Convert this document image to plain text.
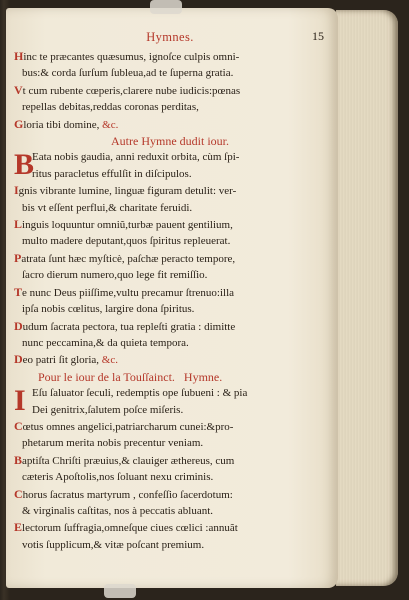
Hymnes.	15
Hinc te præcantes quæsumus, ignoſce culpis omni-
bus:& corda ſurſum ſubleua,ad te ſuperna gratia.
Vt cum rubente cœperis,clarere nube iudicis:pœnas
repellas debitas,reddas coronas perditas,
Gloria tibi domine, &c.
Autre Hymne dudit iour.
B
Eata nobis gaudia, anni reduxit orbita, cùm ſpi-
ritus paracletus effulſit in diſcipulos.
Ignis vibrante lumine, linguæ figuram detulit: ver-
bis vt eſſent perflui,& charitate feruidi.
Linguis loquuntur omniũ,turbæ pauent gentilium,
multo madere deputant,quos ſpiritus repleuerat.
Patrata ſunt hæc myſticè, paſchæ peracto tempore,
ſacro dierum numero,quo lege fit remiſſio.
Te nunc Deus piiſſime,vultu precamur ſtrenuo:illa
ipſa nobis cœlitus, largire dona ſpiritus.
Dudum ſacrata pectora, tua repleſti gratia : dimitte
nunc peccamina,& da quieta tempora.
Deo patri ſit gloria, &c.
Pour le iour de la Touſſainct. Hymne.
I Eſu ſaluator ſeculi, redemptis ope ſubueni : & pia
Dei genitrix,ſalutem poſce miſeris.
Cœtus omnes angelici,patriarcharum cunei:&pro-
phetarum merita nobis precentur veniam.
Baptiſta Chriſti præuius,& clauiger æthereus, cum
cæteris Apoſtolis,nos ſoluant nexu criminis.
Chorus ſacratus martyrum , confeſſio ſacerdotum:
& virginalis caſtitas, nos à peccatis abluant.
Electorum ſuffragia,omneſque ciues cœlici :annuãt
votis ſupplicum,& vitæ poſcant premium.
